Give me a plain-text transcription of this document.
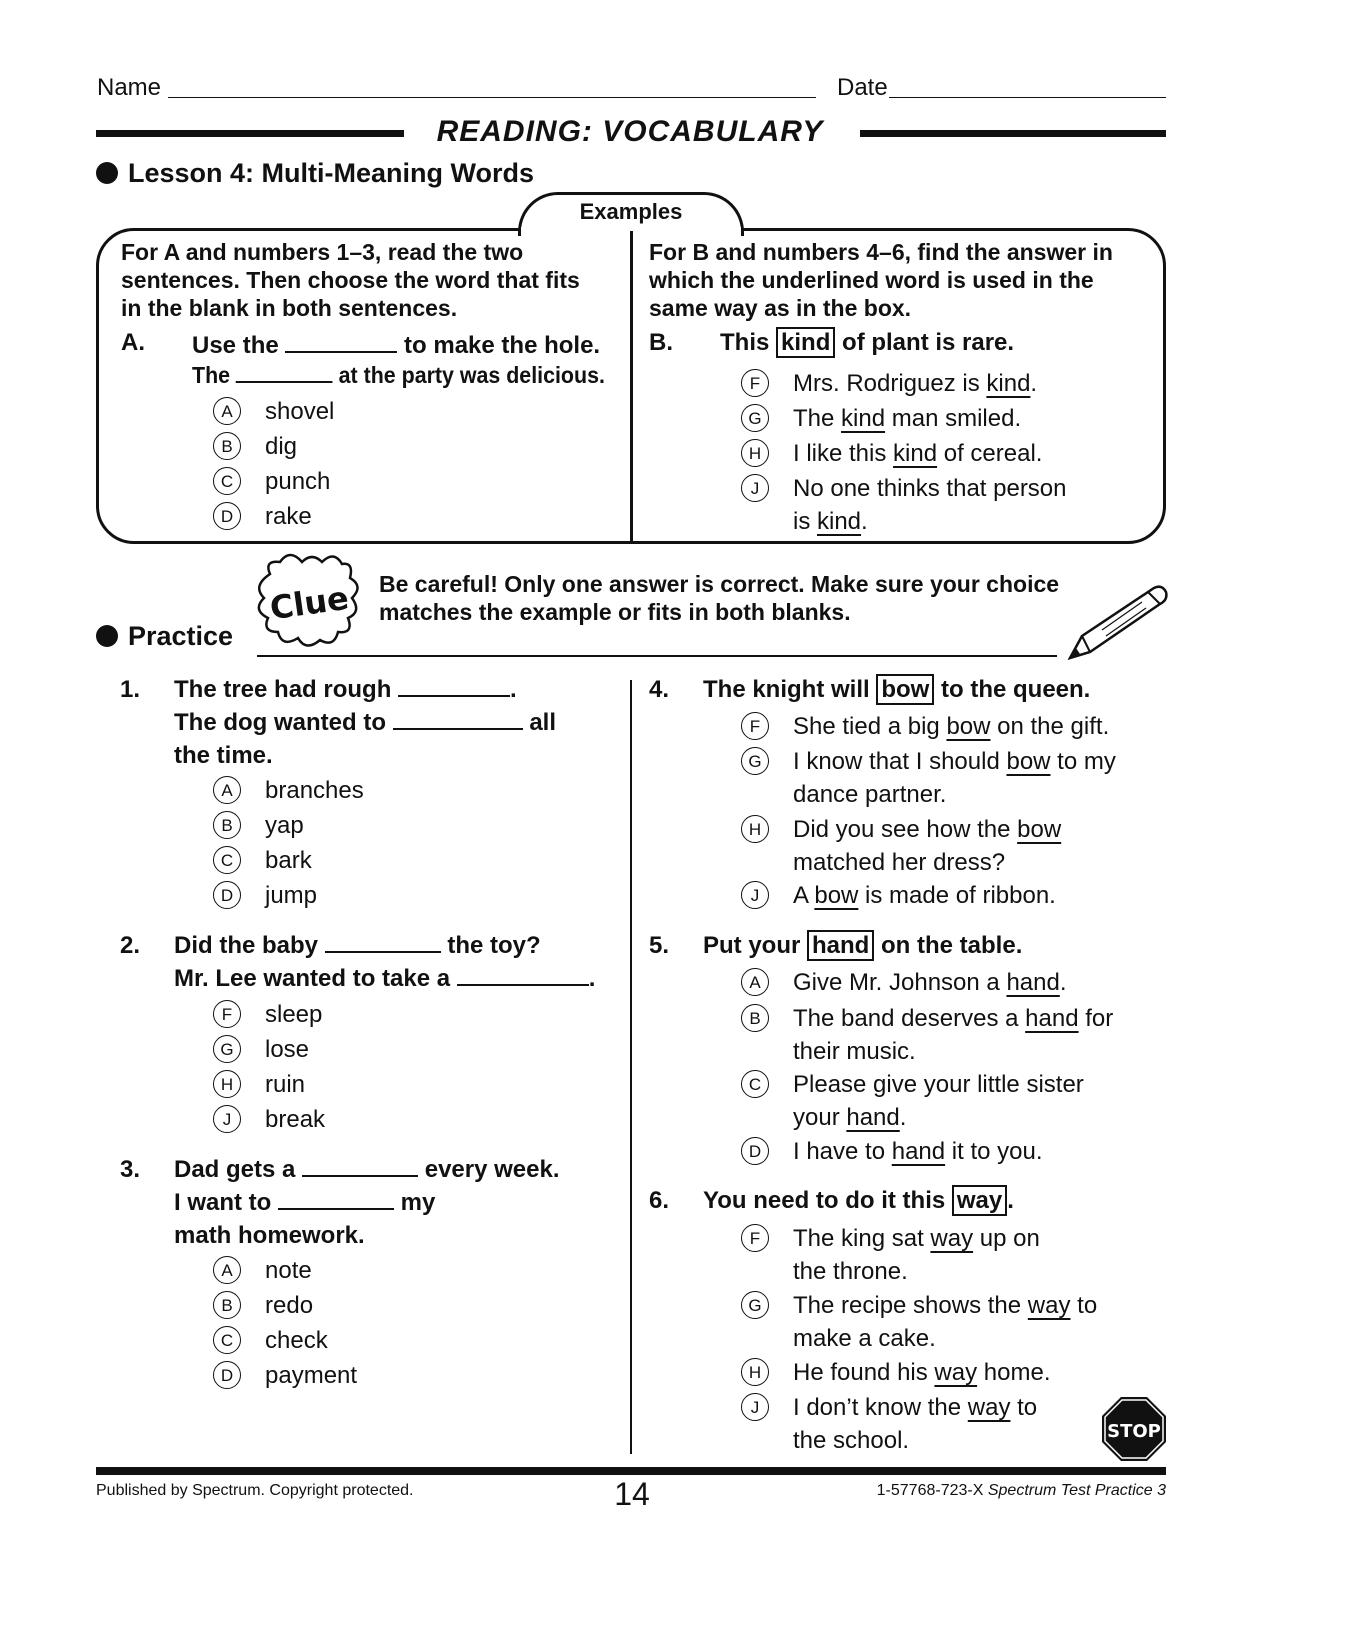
Name	Date
READING: VOCABULARY
Lesson 4: Multi-Meaning Words
Examples
For A and numbers 1–3, read the two
sentences. Then choose the word that fits
in the blank in both sentences.
A. Use the	to make the hole.
The	at the party was delicious.
A	shovel
B	dig
C	punch
D	rake
For B and numbers 4–6, find the answer in
which the underlined word is used in the
same way as in the box.
B. This kind of plant is rare.
F	Mrs. Rodriguez is kind.
G	The kind man smiled.
H	I like this kind of cereal.
J	No one thinks that person
is kind.
Clue Be careful! Only one answer is correct. Make sure your choice
matches the example or fits in both blanks.
Practice
1. The tree had rough	.
The dog wanted to	all
the time.
A	branches
B	yap
C	bark
D	jump
2. Did the baby	the toy?
Mr. Lee wanted to take a	.
F	sleep
G	lose
H	ruin
J	break
3. Dad gets a	every week.
I want to	my
math homework.
A	note
B	redo
C	check
D	payment
4. The knight will bow to the queen.
F	She tied a big bow on the gift.
G	I know that I should bow to my
dance partner.
H	Did you see how the bow
matched her dress?
J	A bow is made of ribbon.
5. Put your hand on the table.
A	Give Mr. Johnson a hand.
B	The band deserves a hand for
their music.
C	Please give your little sister
your hand.
D	I have to hand it to you.
6. You need to do it this way .
F	The king sat way up on
the throne.
G	The recipe shows the way to
make a cake.
H	He found his way home.
J	I don’t know the way to
the school.	STOP
Published by Spectrum. Copyright protected.	14	1-57768-723-X Spectrum Test Practice 3
